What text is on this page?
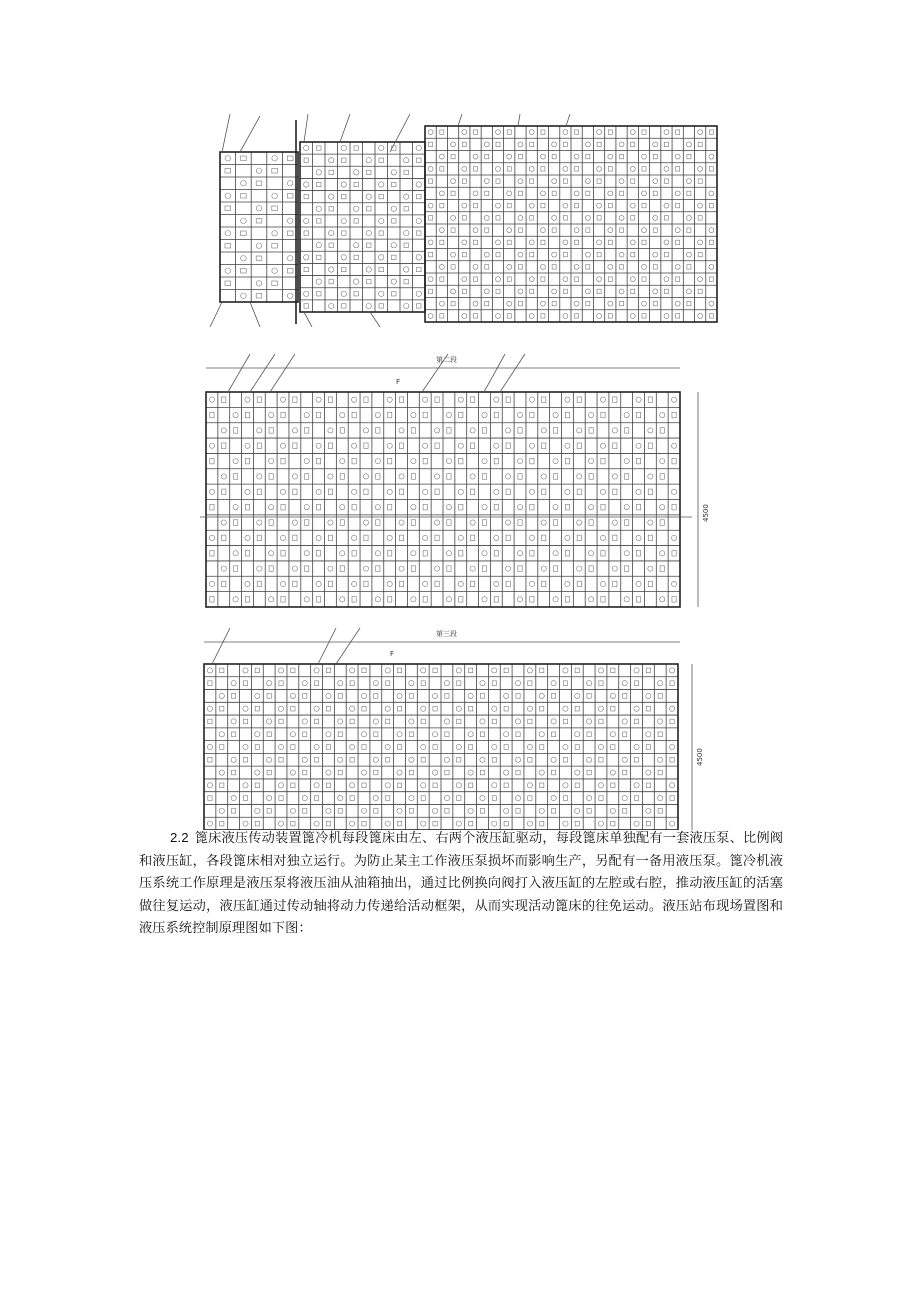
第二段
4500
F
第三段
4500
F

2.2 篦床液压传动装置篦冷机每段篦床由左、右两个液压缸驱动，每段篦床单独配有一套液压泵、比例阀和液压缸，各段篦床相对独立运行。为防止某主工作液压泵损坏而影响生产，另配有一备用液压泵。篦冷机液压系统工作原理是液压泵将液压油从油箱抽出，通过比例换向阀打入液压缸的左腔或右腔，推动液压缸的活塞做往复运动，液压缸通过传动轴将动力传递给活动框架，从而实现活动篦床的往免运动。液压站布现场置图和液压系统控制原理图如下图：
